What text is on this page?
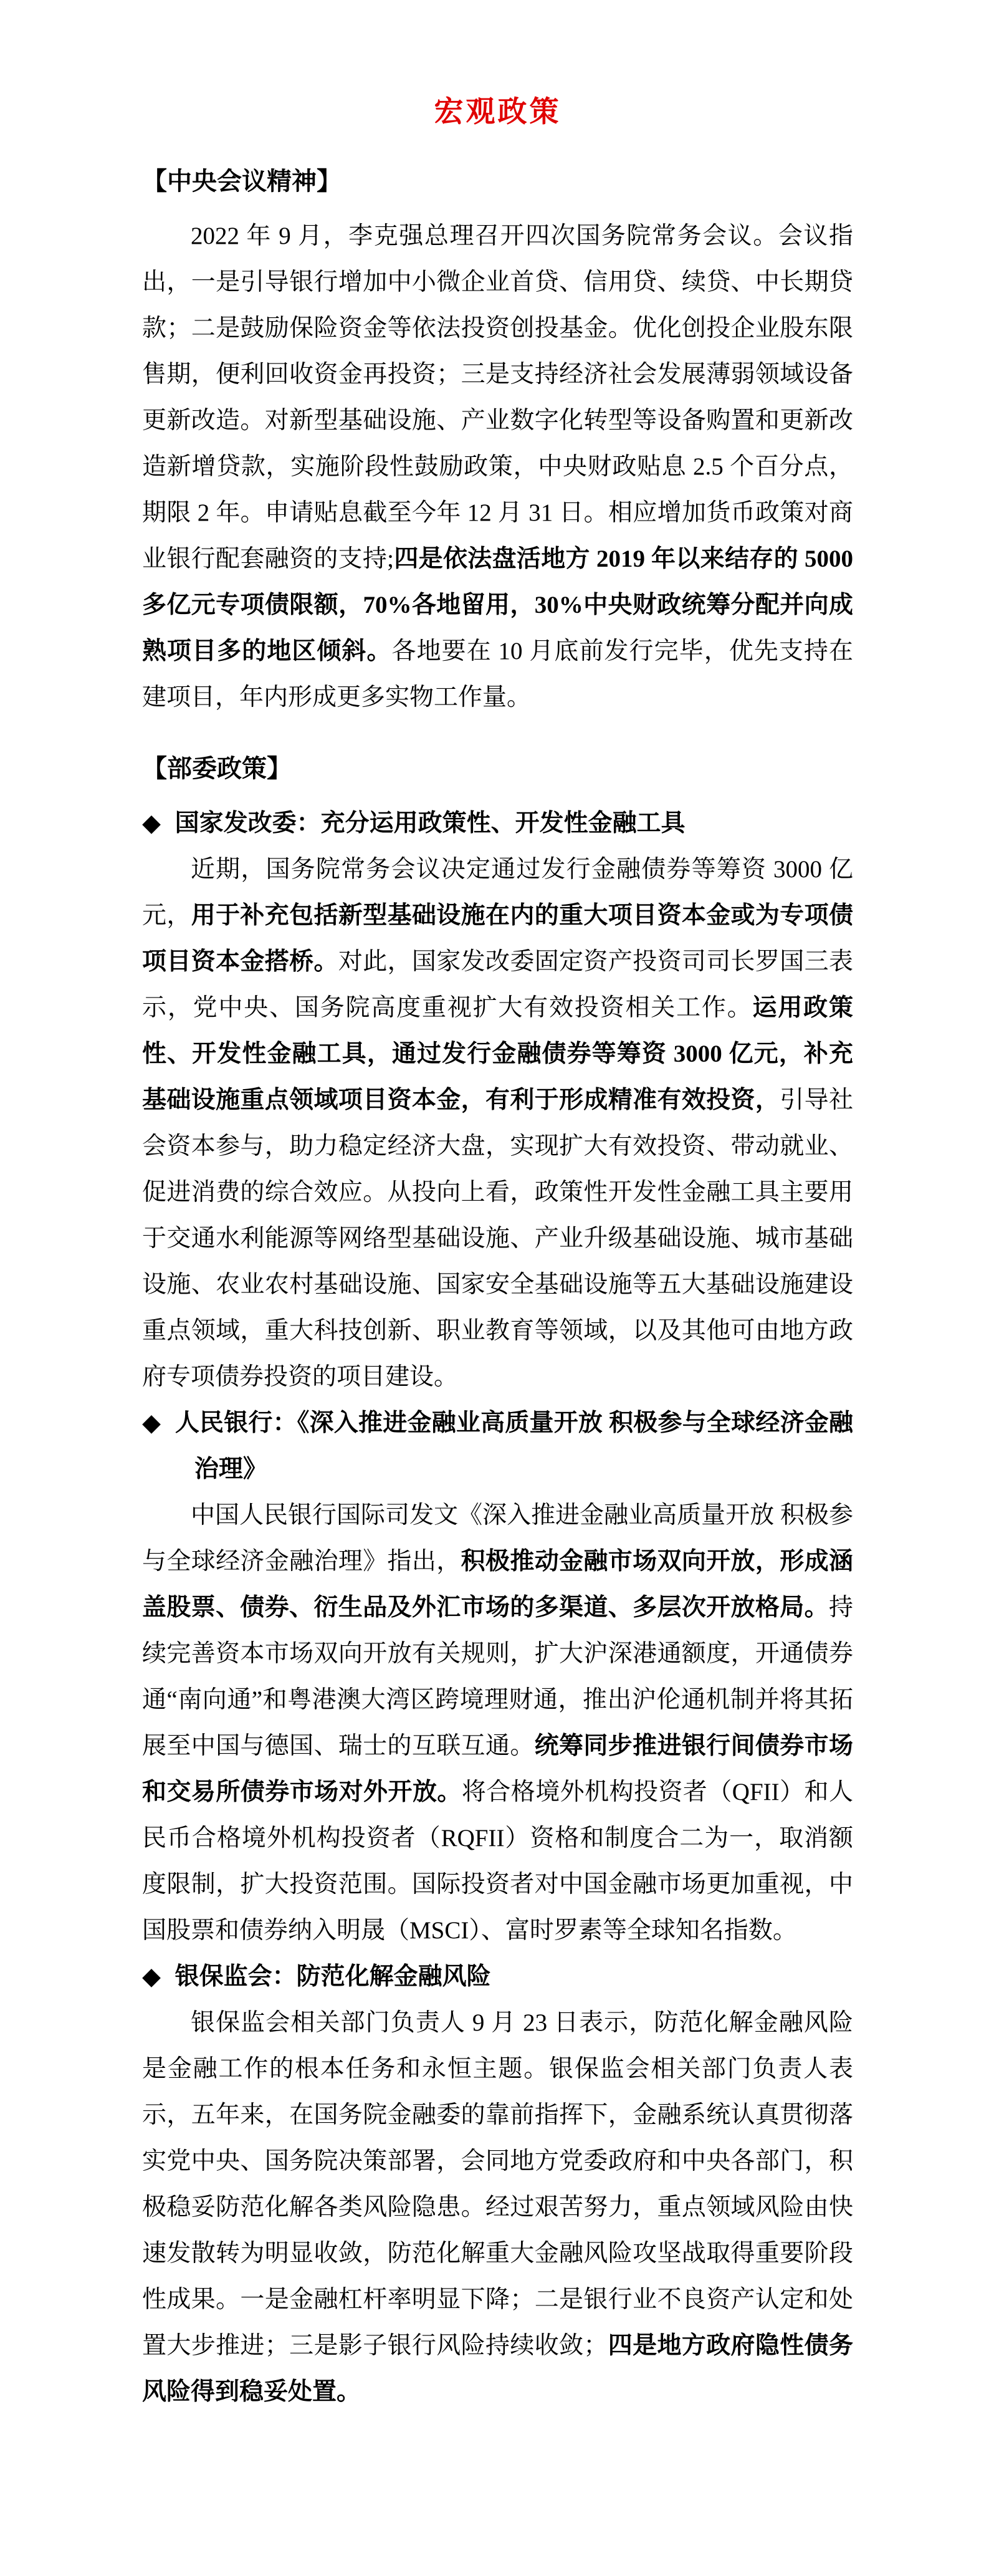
宏观政策
【中央会议精神】

2022 年 9 月，李克强总理召开四次国务院常务会议。会议指出，一是引导银行增加中小微企业首贷、信用贷、续贷、中长期贷款；二是鼓励保险资金等依法投资创投基金。优化创投企业股东限售期，便利回收资金再投资；三是支持经济社会发展薄弱领域设备更新改造。对新型基础设施、产业数字化转型等设备购置和更新改造新增贷款，实施阶段性鼓励政策，中央财政贴息 2.5 个百分点，期限 2 年。申请贴息截至今年 12 月 31 日。相应增加货币政策对商业银行配套融资的支持;四是依法盘活地方 2019 年以来结存的 5000 多亿元专项债限额，70%各地留用，30%中央财政统筹分配并向成熟项目多的地区倾斜。各地要在 10 月底前发行完毕，优先支持在建项目，年内形成更多实物工作量。

【部委政策】

◆ 国家发改委：充分运用政策性、开发性金融工具

近期，国务院常务会议决定通过发行金融债券等筹资 3000 亿元，用于补充包括新型基础设施在内的重大项目资本金或为专项债项目资本金搭桥。对此，国家发改委固定资产投资司司长罗国三表示，党中央、国务院高度重视扩大有效投资相关工作。运用政策性、开发性金融工具，通过发行金融债券等筹资 3000 亿元，补充基础设施重点领域项目资本金，有利于形成精准有效投资，引导社会资本参与，助力稳定经济大盘，实现扩大有效投资、带动就业、促进消费的综合效应。从投向上看，政策性开发性金融工具主要用于交通水利能源等网络型基础设施、产业升级基础设施、城市基础设施、农业农村基础设施、国家安全基础设施等五大基础设施建设重点领域，重大科技创新、职业教育等领域，以及其他可由地方政府专项债券投资的项目建设。

◆ 人民银行：《深入推进金融业高质量开放 积极参与全球经济金融治理》

中国人民银行国际司发文《深入推进金融业高质量开放 积极参与全球经济金融治理》指出，积极推动金融市场双向开放，形成涵盖股票、债券、衍生品及外汇市场的多渠道、多层次开放格局。持续完善资本市场双向开放有关规则，扩大沪深港通额度，开通债券通“南向通”和粤港澳大湾区跨境理财通，推出沪伦通机制并将其拓展至中国与德国、瑞士的互联互通。统筹同步推进银行间债券市场和交易所债券市场对外开放。将合格境外机构投资者（QFII）和人民币合格境外机构投资者（RQFII）资格和制度合二为一，取消额度限制，扩大投资范围。国际投资者对中国金融市场更加重视，中国股票和债券纳入明晟（MSCI）、富时罗素等全球知名指数。

◆ 银保监会：防范化解金融风险

银保监会相关部门负责人 9 月 23 日表示，防范化解金融风险是金融工作的根本任务和永恒主题。银保监会相关部门负责人表示，五年来，在国务院金融委的靠前指挥下，金融系统认真贯彻落实党中央、国务院决策部署，会同地方党委政府和中央各部门，积极稳妥防范化解各类风险隐患。经过艰苦努力，重点领域风险由快速发散转为明显收敛，防范化解重大金融风险攻坚战取得重要阶段性成果。一是金融杠杆率明显下降；二是银行业不良资产认定和处置大步推进；三是影子银行风险持续收敛；四是地方政府隐性债务风险得到稳妥处置。
